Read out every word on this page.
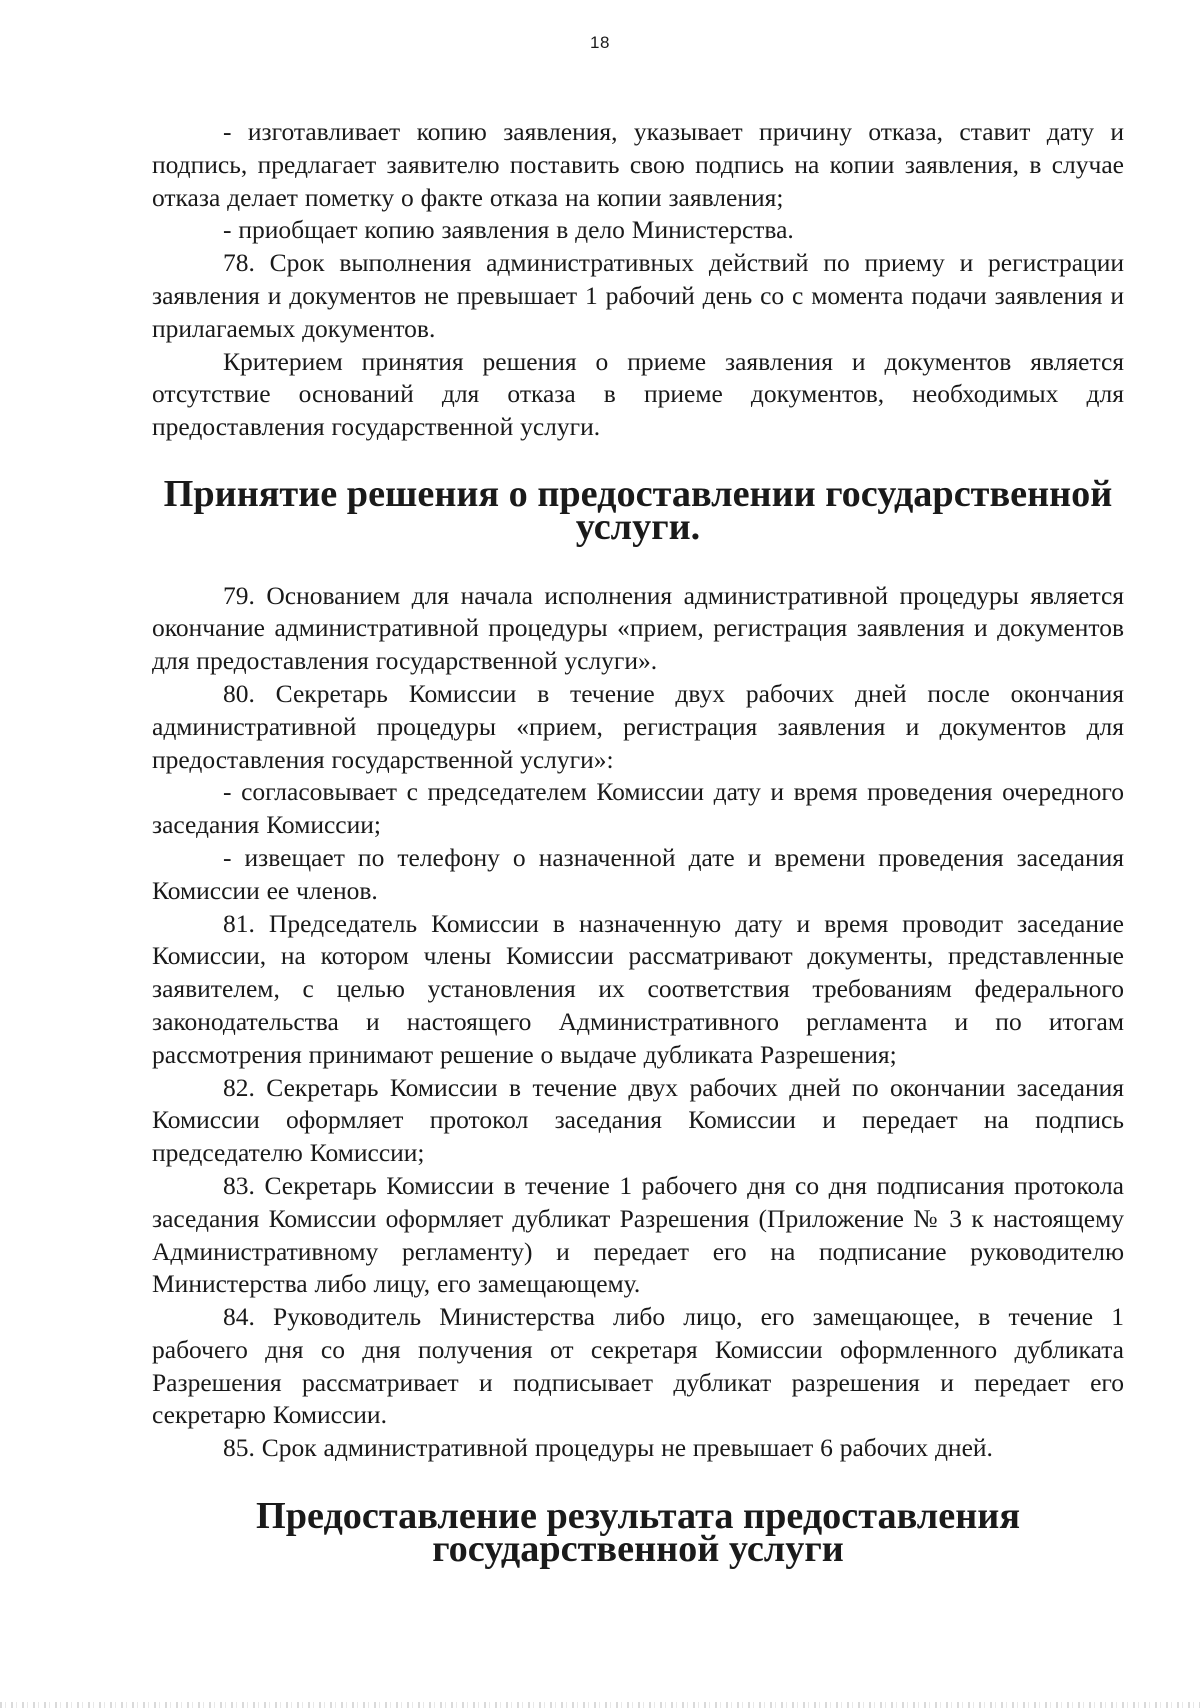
18

- изготавливает копию заявления, указывает причину отказа, ставит дату и подпись, предлагает заявителю поставить свою подпись на копии заявления, в случае отказа делает пометку о факте отказа на копии заявления;

- приобщает копию заявления в дело Министерства.

78. Срок выполнения административных действий по приему и регистрации заявления и документов не превышает 1 рабочий день со с момента подачи заявления и прилагаемых документов.

Критерием принятия решения о приеме заявления и документов является отсутствие оснований для отказа в приеме документов, необходимых для предоставления государственной услуги.

Принятие решения о предоставлении государственной услуги.

79. Основанием для начала исполнения административной процедуры является окончание административной процедуры «прием, регистрация заявления и документов для предоставления государственной услуги».

80. Секретарь Комиссии в течение двух рабочих дней после окончания административной процедуры «прием, регистрация заявления и документов для предоставления государственной услуги»:

- согласовывает с председателем Комиссии дату и время проведения очередного заседания Комиссии;

- извещает по телефону о назначенной дате и времени проведения заседания Комиссии ее членов.

81. Председатель Комиссии в назначенную дату и время проводит заседание Комиссии, на котором члены Комиссии рассматривают документы, представленные заявителем, с целью установления их соответствия требованиям федерального законодательства и настоящего Административного регламента и по итогам рассмотрения принимают решение о выдаче дубликата Разрешения;

82. Секретарь Комиссии в течение двух рабочих дней по окончании заседания Комиссии оформляет протокол заседания Комиссии и передает на подпись председателю Комиссии;

83. Секретарь Комиссии в течение 1 рабочего дня со дня подписания протокола заседания Комиссии оформляет дубликат Разрешения (Приложение № 3 к настоящему Административному регламенту) и передает его на подписание руководителю Министерства либо лицу, его замещающему.

84. Руководитель Министерства либо лицо, его замещающее, в течение 1 рабочего дня со дня получения от секретаря Комиссии оформленного дубликата Разрешения рассматривает и подписывает дубликат разрешения и передает его секретарю Комиссии.

85. Срок административной процедуры не превышает 6 рабочих дней.

Предоставление результата предоставления государственной услуги
